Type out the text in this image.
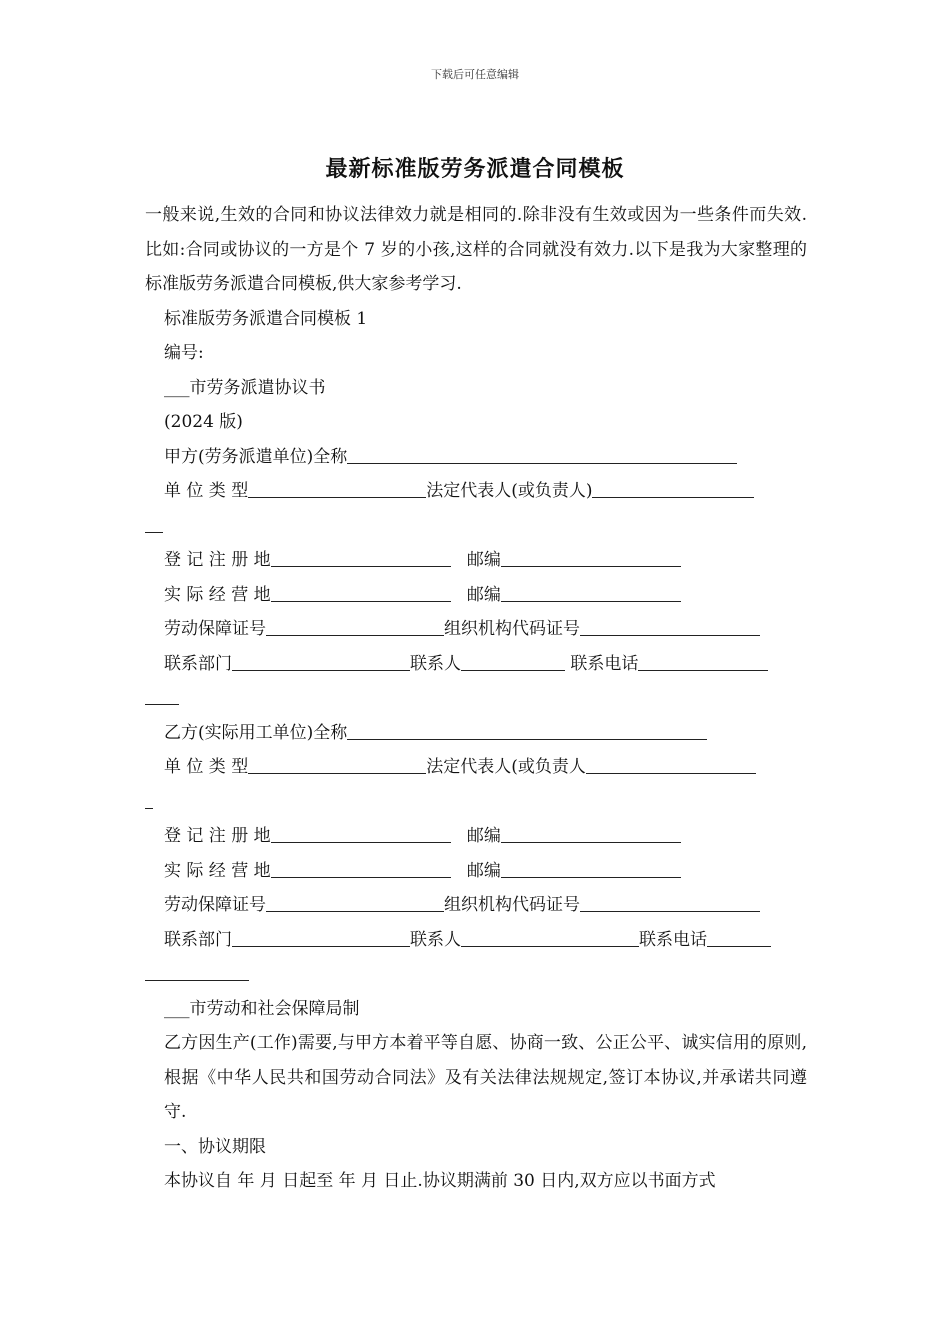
下载后可任意编辑
最新标准版劳务派遣合同模板
一般来说,生效的合同和协议法律效力就是相同的.除非没有生效或因为一些条件而失效.比如:合同或协议的一方是个 7 岁的小孩,这样的合同就没有效力.以下是我为大家整理的标准版劳务派遣合同模板,供大家参考学习.
标准版劳务派遣合同模板 1
编号:
___市劳务派遣协议书
(2024 版)
甲方(劳务派遣单位)全称
单 位 类 型	法定代表人(或负责人)
登 记 注 册 地	邮编
实 际 经 营 地	邮编
劳动保障证号	组织机构代码证号
联系部门	联系人	联系电话
乙方(实际用工单位)全称
单 位 类 型	法定代表人(或负责人
登 记 注 册 地	邮编
实 际 经 营 地	邮编
劳动保障证号	组织机构代码证号
联系部门	联系人	联系电话
___市劳动和社会保障局制
乙方因生产(工作)需要,与甲方本着平等自愿、协商一致、公正公平、诚实信用的原则,根据《中华人民共和国劳动合同法》及有关法律法规规定,签订本协议,并承诺共同遵守.
一、协议期限
本协议自 年 月 日起至 年 月 日止.协议期满前 30 日内,双方应以书面方式
